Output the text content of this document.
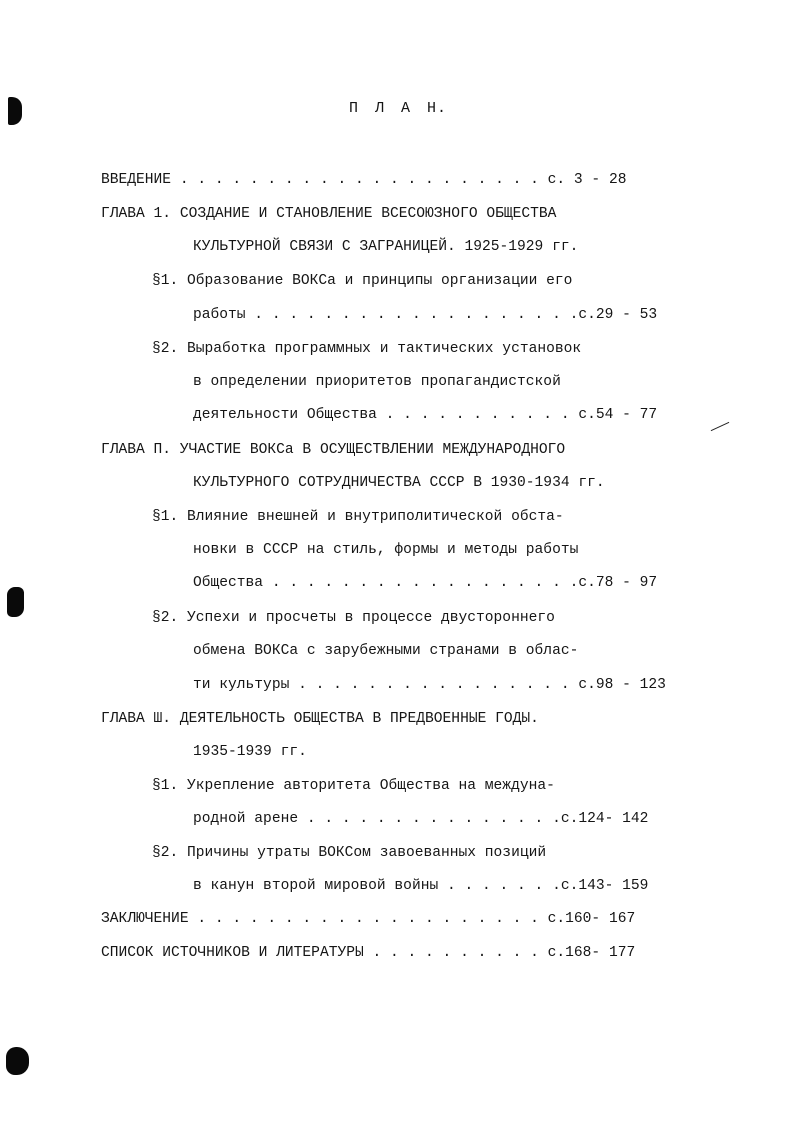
П Л А Н.
ВВЕДЕНИЕ . . . . . . . . . . . . . . . . . . . . . с. 3 - 28
ГЛАВА 1. СОЗДАНИЕ И СТАНОВЛЕНИЕ ВСЕСОЮЗНОГО ОБЩЕСТВА
КУЛЬТУРНОЙ СВЯЗИ С ЗАГРАНИЦЕЙ. 1925-1929 гг.
§1. Образование ВОКСа и принципы организации его
работы . . . . . . . . . . . . . . . . . . .с.29 - 53
§2. Выработка программных и тактических установок
в определении приоритетов пропагандистской
деятельности Общества . . . . . . . . . . . с.54 - 77
ГЛАВА П. УЧАСТИЕ ВОКСа В ОСУЩЕСТВЛЕНИИ МЕЖДУНАРОДНОГО
КУЛЬТУРНОГО СОТРУДНИЧЕСТВА СССР В 1930-1934 гг.
§1. Влияние внешней и внутриполитической обста-
новки в СССР на стиль, формы и методы работы
Общества . . . . . . . . . . . . . . . . . .с.78 - 97
§2. Успехи и просчеты в процессе двустороннего
обмена ВОКСа с зарубежными странами в облас-
ти культуры . . . . . . . . . . . . . . . . с.98 - 123
ГЛАВА Ш. ДЕЯТЕЛЬНОСТЬ ОБЩЕСТВА В ПРЕДВОЕННЫЕ ГОДЫ.
1935-1939 гг.
§1. Укрепление авторитета Общества на междуна-
родной арене . . . . . . . . . . . . . . .с.124- 142
§2. Причины утраты ВОКСом завоеванных позиций
в канун второй мировой войны . . . . . . .с.143- 159
ЗАКЛЮЧЕНИЕ . . . . . . . . . . . . . . . . . . . . с.160- 167
СПИСОК ИСТОЧНИКОВ И ЛИТЕРАТУРЫ . . . . . . . . . . с.168- 177
